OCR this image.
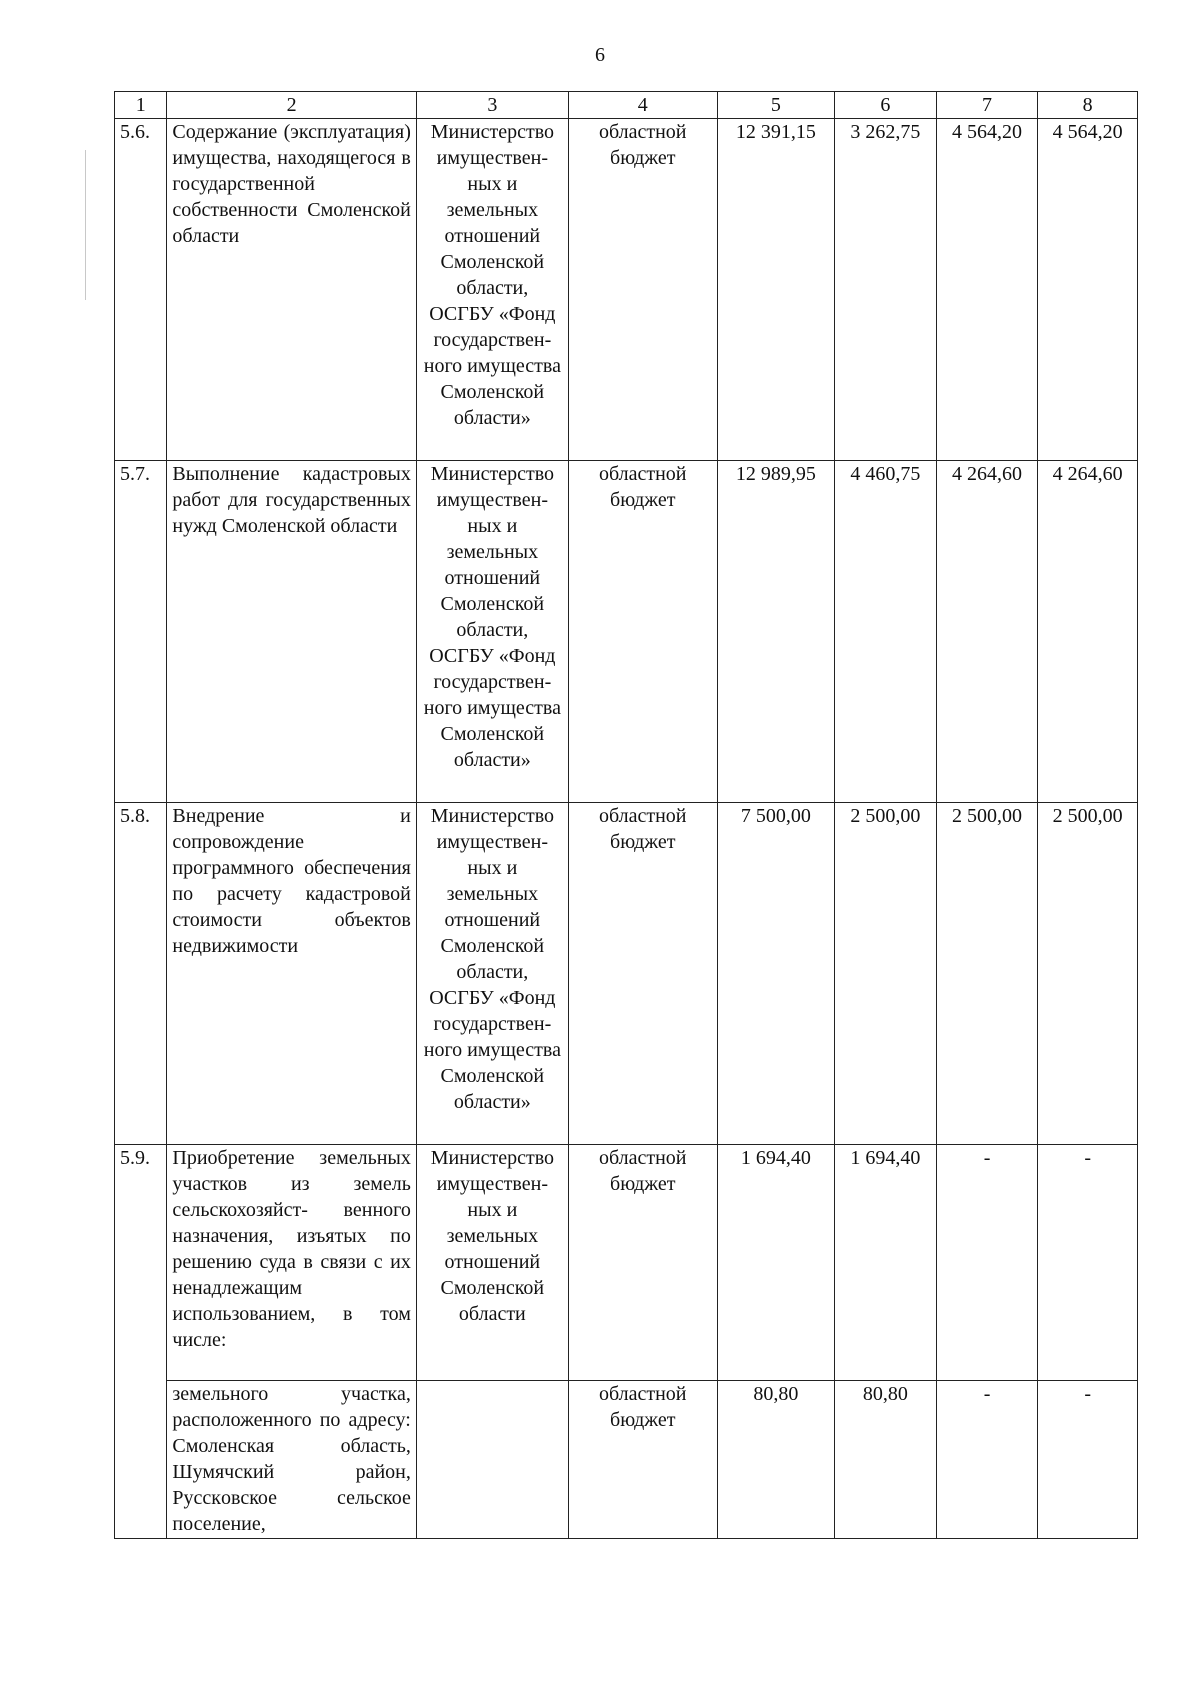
6
1	2	3	4	5	6	7	8
5.6.	Содержание (эксплуатация) имущества, находящегося в государственной собственности Смоленской области	Министерство имуществен- ных и земельных отношений Смоленской области, ОСГБУ «Фонд государствен- ного имущества Смоленской области»	областной бюджет	12 391,15	3 262,75	4 564,20	4 564,20
5.7.	Выполнение кадастровых работ для государственных нужд Смоленской области	Министерство имуществен- ных и земельных отношений Смоленской области, ОСГБУ «Фонд государствен- ного имущества Смоленской области»	областной бюджет	12 989,95	4 460,75	4 264,60	4 264,60
5.8.	Внедрение и сопровождение программного обеспечения по расчету кадастровой стоимости объектов недвижимости	Министерство имуществен- ных и земельных отношений Смоленской области, ОСГБУ «Фонд государствен- ного имущества Смоленской области»	областной бюджет	7 500,00	2 500,00	2 500,00	2 500,00
5.9.	Приобретение земельных участков из земель сельскохозяйст- венного назначения, изъятых по решению суда в связи с их ненадлежащим использованием, в том числе:	Министерство имуществен- ных и земельных отношений Смоленской области	областной бюджет	1 694,40	1 694,40	-	-
	земельного участка, расположенного по адресу: Смоленская область, Шумячский район, Русскoвское сельское поселение,		областной бюджет	80,80	80,80	-	-
